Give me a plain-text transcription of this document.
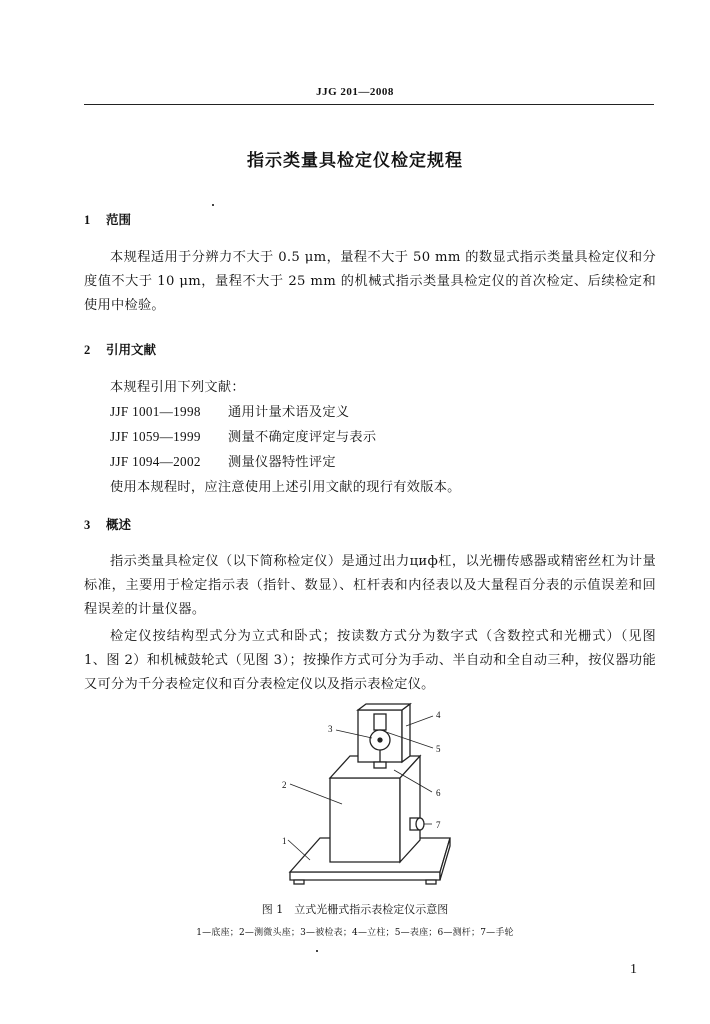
JJG 201—2008
指示类量具检定仪检定规程
1 范围
本规程适用于分辨力不大于 0.5 μm，量程不大于 50 mm 的数显式指示类量具检定仪和分度值不大于 10 μm，量程不大于 25 mm 的机械式指示类量具检定仪的首次检定、后续检定和使用中检验。
2 引用文献
本规程引用下列文献：
JJF 1001—1998 通用计量术语及定义
JJF 1059—1999 测量不确定度评定与表示
JJF 1094—2002 测量仪器特性评定
使用本规程时，应注意使用上述引用文献的现行有效版本。
3 概述
指示类量具检定仪（以下简称检定仪）是通过出力циф杠，以光栅传感器或精密丝杠为计量标准，主要用于检定指示表（指针、数显）、杠杆表和内径表以及大量程百分表的示值误差和回程误差的计量仪器。
检定仪按结构型式分为立式和卧式；按读数方式分为数字式（含数控式和光栅式）（见图 1、图 2）和机械鼓轮式（见图 3）；按操作方式可分为手动、半自动和全自动三种，按仪器功能又可分为千分表检定仪和百分表检定仪以及指示表检定仪。
1
2
3
4
5
6
7
图 1　立式光栅式指示表检定仪示意图
1—底座；2—测微头座；3—被检表；4—立柱；5—表座；6—测杆；7—手轮
1
